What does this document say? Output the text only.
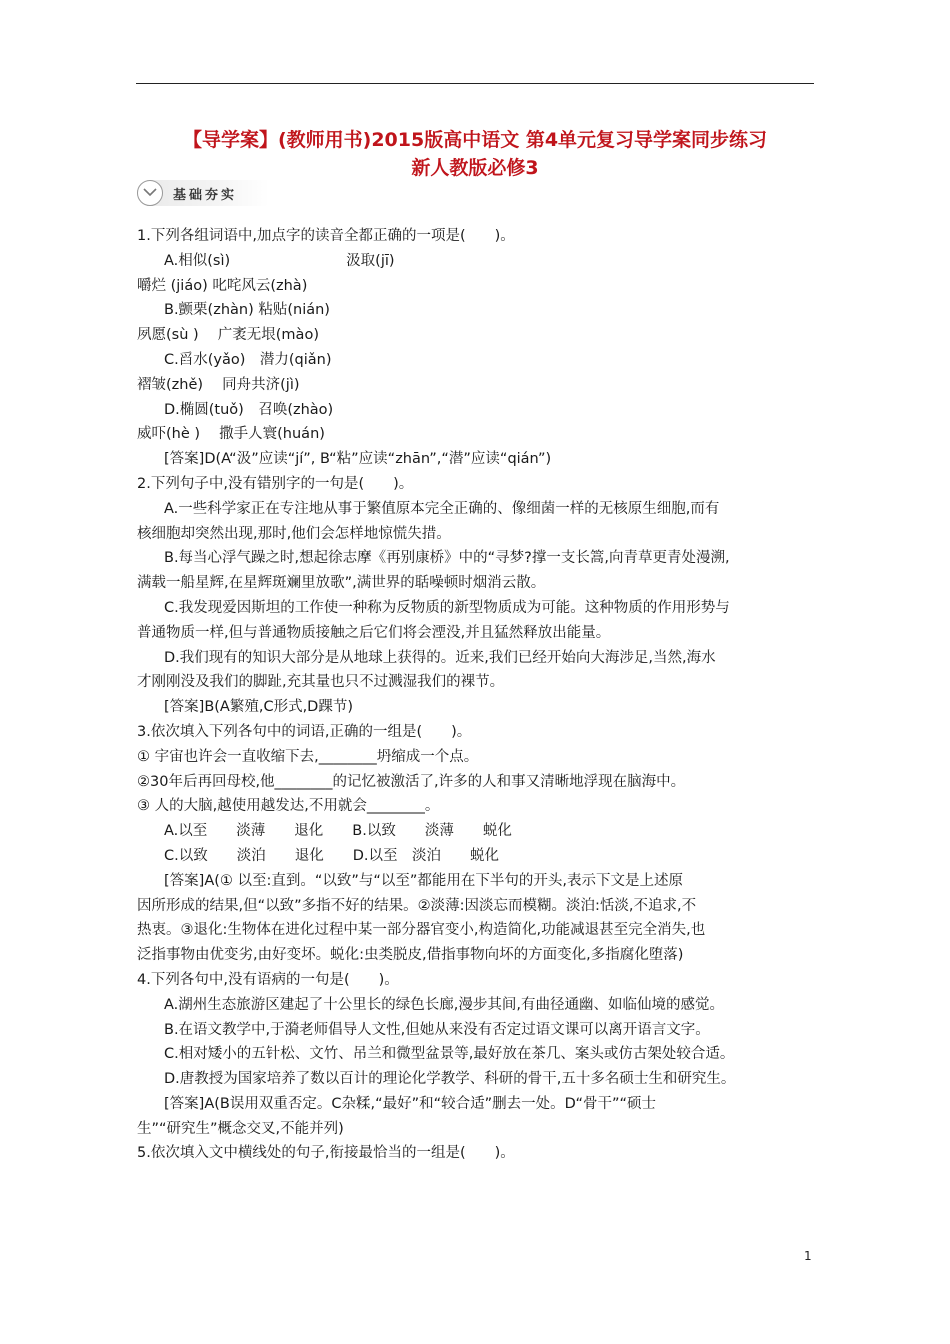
【导学案】(教师用书)2015版高中语文 第4单元复习导学案同步练习
新人教版必修3
基础夯实
1.下列各组词语中,加点字的读音全都正确的一项是(　　)。
A.相似(sì)　　　　　　　　汲取(jī)
嚼烂 (jiáo) 叱咤风云(zhà)
B.颤栗(zhàn) 粘贴(nián)
夙愿(sù )　 广袤无垠(mào)
C.舀水(yǎo)　潜力(qiǎn)
褶皱(zhě)　 同舟共济(jì)
D.椭圆(tuǒ)　召唤(zhào)
威吓(hè )　 撒手人寰(huán)
[答案]D(A“汲”应读“jí”, B“粘”应读“zhān”,“潜”应读“qián”)
2.下列句子中,没有错别字的一句是(　　)。
A.一些科学家正在专注地从事于繁值原本完全正确的、像细菌一样的无核原生细胞,而有
核细胞却突然出现,那时,他们会怎样地惊慌失措。
B.每当心浮气躁之时,想起徐志摩《再别康桥》中的“寻梦?撑一支长篙,向青草更青处漫溯,
满载一船星辉,在星辉斑斓里放歌”,满世界的聒噪顿时烟消云散。
C.我发现爱因斯坦的工作使一种称为反物质的新型物质成为可能。这种物质的作用形势与
普通物质一样,但与普通物质接触之后它们将会湮没,并且猛然释放出能量。
D.我们现有的知识大部分是从地球上获得的。近来,我们已经开始向大海涉足,当然,海水
才刚刚没及我们的脚趾,充其量也只不过溅湿我们的裸节。
[答案]B(A繁殖,C形式,D踝节)
3.依次填入下列各句中的词语,正确的一组是(　　)。
① 宇宙也许会一直收缩下去,________坍缩成一个点。
②30年后再回母校,他________的记忆被激活了,许多的人和事又清晰地浮现在脑海中。
③ 人的大脑,越使用越发达,不用就会________。
A.以至　　淡薄　　退化　　B.以致　　淡薄　　蜕化
C.以致　　淡泊　　退化　　D.以至　淡泊　　蜕化
[答案]A(① 以至:直到。“以致”与“以至”都能用在下半句的开头,表示下文是上述原
因所形成的结果,但“以致”多指不好的结果。②淡薄:因淡忘而模糊。淡泊:恬淡,不追求,不
热衷。③退化:生物体在进化过程中某一部分器官变小,构造简化,功能减退甚至完全消失,也
泛指事物由优变劣,由好变坏。蜕化:虫类脱皮,借指事物向坏的方面变化,多指腐化堕落)
4.下列各句中,没有语病的一句是(　　)。
A.湖州生态旅游区建起了十公里长的绿色长廊,漫步其间,有曲径通幽、如临仙境的感觉。
B.在语文教学中,于漪老师倡导人文性,但她从来没有否定过语文课可以离开语言文字。
C.相对矮小的五针松、文竹、吊兰和微型盆景等,最好放在茶几、案头或仿古架处较合适。
D.唐教授为国家培养了数以百计的理论化学教学、科研的骨干,五十多名硕士生和研究生。
[答案]A(B误用双重否定。C杂糅,“最好”和“较合适”删去一处。D“骨干”“硕士
生”“研究生”概念交叉,不能并列)
5.依次填入文中横线处的句子,衔接最恰当的一组是(　　)。
1
